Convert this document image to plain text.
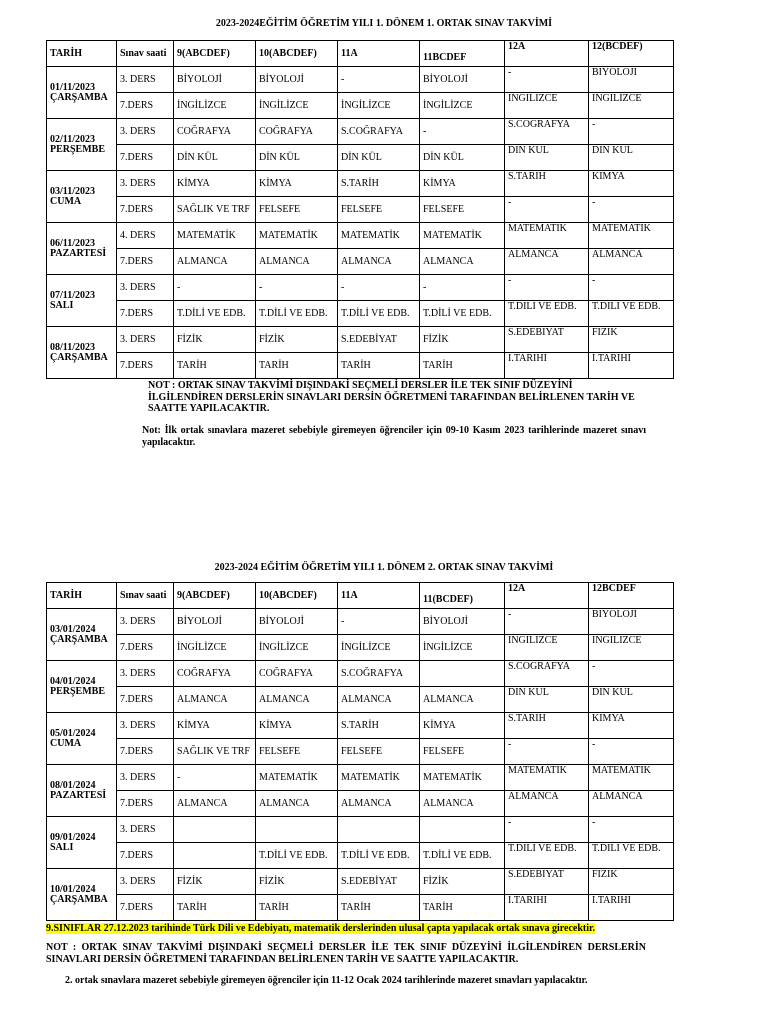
2023-2024EĞİTİM ÖĞRETİM YILI 1. DÖNEM 1. ORTAK SINAV TAKVİMİ
TARİH	Sınav saati	9(ABCDEF)	10(ABCDEF)	11A	11BCDEF	12A	12(BCDEF)
01/11/2023
ÇARŞAMBA	3. DERS	BİYOLOJİ	BİYOLOJİ	-	BİYOLOJİ	-	BIYOLOJI
	7.DERS	İNGİLİZCE	İNGİLİZCE	İNGİLİZCE	İNGİLİZCE	INGILIZCE	INGILIZCE
02/11/2023
PERŞEMBE	3. DERS	COĞRAFYA	COĞRAFYA	S.COĞRAFYA	-	S.COGRAFYA	-
	7.DERS	DİN KÜL	DİN KÜL	DİN KÜL	DİN KÜL	DIN KUL	DIN KUL
03/11/2023
CUMA	3. DERS	KİMYA	KİMYA	S.TARİH	KİMYA	S.TARIH	KIMYA
	7.DERS	SAĞLIK VE TRF	FELSEFE	FELSEFE	FELSEFE	-	-
06/11/2023
PAZARTESİ	4. DERS	MATEMATİK	MATEMATİK	MATEMATİK	MATEMATİK	MATEMATIK	MATEMATIK
	7.DERS	ALMANCA	ALMANCA	ALMANCA	ALMANCA	ALMANCA	ALMANCA
07/11/2023
SALI	3. DERS	-	-	-	-	-	-
	7.DERS	T.DİLİ VE EDB.	T.DİLİ VE EDB.	T.DİLİ VE EDB.	T.DİLİ VE EDB.	T.DILI VE EDB.	T.DILI VE EDB.
08/11/2023
ÇARŞAMBA	3. DERS	FİZİK	FİZİK	S.EDEBİYAT	FİZİK	S.EDEBIYAT	FIZIK
	7.DERS	TARİH	TARİH	TARİH	TARİH	I.TARIHI	I.TARIHI
NOT : ORTAK SINAV TAKVİMİ DIŞINDAKİ SEÇMELİ DERSLER İLE TEK SINIF DÜZEYİNİ İLGİLENDİREN DERSLERİN SINAVLARI DERSİN ÖĞRETMENİ TARAFINDAN BELİRLENEN TARİH VE SAATTE YAPILACAKTIR.
Not: İlk ortak sınavlara mazeret sebebiyle giremeyen öğrenciler için 09-10 Kasım 2023 tarihlerinde mazeret sınavı yapılacaktır.
2023-2024 EĞİTİM ÖĞRETİM YILI 1. DÖNEM 2. ORTAK SINAV TAKVİMİ
TARİH	Sınav saati	9(ABCDEF)	10(ABCDEF)	11A	11(BCDEF)	12A	12BCDEF
03/01/2024
ÇARŞAMBA	3. DERS	BİYOLOJİ	BİYOLOJİ	-	BİYOLOJİ	-	BIYOLOJI
	7.DERS	İNGİLİZCE	İNGİLİZCE	İNGİLİZCE	İNGİLİZCE	INGILIZCE	INGILIZCE
04/01/2024
PERŞEMBE	3. DERS	COĞRAFYA	COĞRAFYA	S.COĞRAFYA		S.COGRAFYA	-
	7.DERS	ALMANCA	ALMANCA	ALMANCA	ALMANCA	DIN KUL	DIN KUL
05/01/2024
CUMA	3. DERS	KİMYA	KİMYA	S.TARİH	KİMYA	S.TARIH	KIMYA
	7.DERS	SAĞLIK VE TRF	FELSEFE	FELSEFE	FELSEFE	-	-
08/01/2024
PAZARTESİ	3. DERS	-	MATEMATİK	MATEMATİK	MATEMATİK	MATEMATIK	MATEMATIK
	7.DERS	ALMANCA	ALMANCA	ALMANCA	ALMANCA	ALMANCA	ALMANCA
09/01/2024
SALI	3. DERS					-	-
	7.DERS		T.DİLİ VE EDB.	T.DİLİ VE EDB.	T.DİLİ VE EDB.	T.DILI VE EDB.	T.DILI VE EDB.
10/01/2024
ÇARŞAMBA	3. DERS	FİZİK	FİZİK	S.EDEBİYAT	FİZİK	S.EDEBIYAT	FIZIK
	7.DERS	TARİH	TARİH	TARİH	TARİH	I.TARIHI	I.TARIHI
9.SINIFLAR 27.12.2023 tarihinde Türk Dili ve Edebiyatı, matematik derslerinden ulusal çapta yapılacak ortak sınava girecektir.
NOT : ORTAK SINAV TAKVİMİ DIŞINDAKİ SEÇMELİ DERSLER İLE TEK SINIF DÜZEYİNİ İLGİLENDİREN DERSLERİN SINAVLARI DERSİN ÖĞRETMENİ TARAFINDAN BELİRLENEN TARİH VE SAATTE YAPILACAKTIR.
2. ortak sınavlara mazeret sebebiyle giremeyen öğrenciler için 11-12 Ocak 2024 tarihlerinde mazeret sınavları yapılacaktır.
